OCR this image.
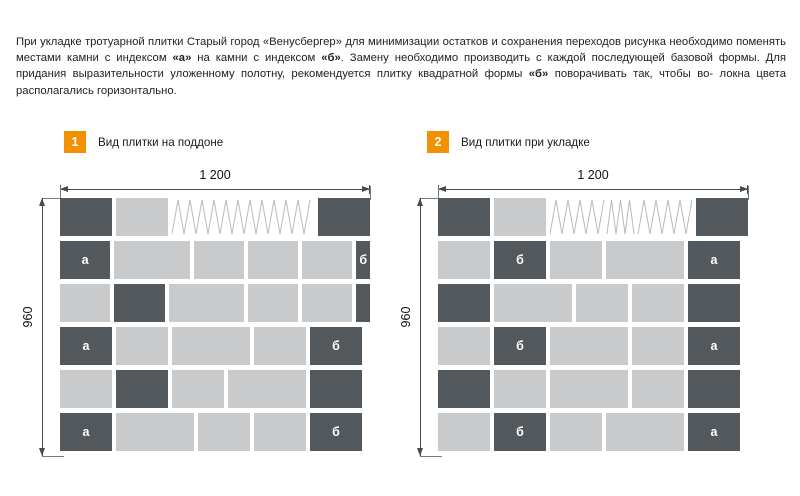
При укладке тротуарной плитки Старый город «Венусбергер» для минимизации остатков и сохранения переходов рисунка необходимо поменять местами камни с индексом «а» на камни с индексом «б». Замену необходимо производить с каждой последующей базовой формы. Для придания выразительности уложенному полотну, рекомендуется плитку квадратной формы «б» поворачивать так, чтобы во- локна цвета располагались горизонтально.
1	Вид плитки на поддоне	2	Вид плитки при укладке
1 200
960
а	б
а	б
а	б
1 200
960
б	а
б	а
б	а
